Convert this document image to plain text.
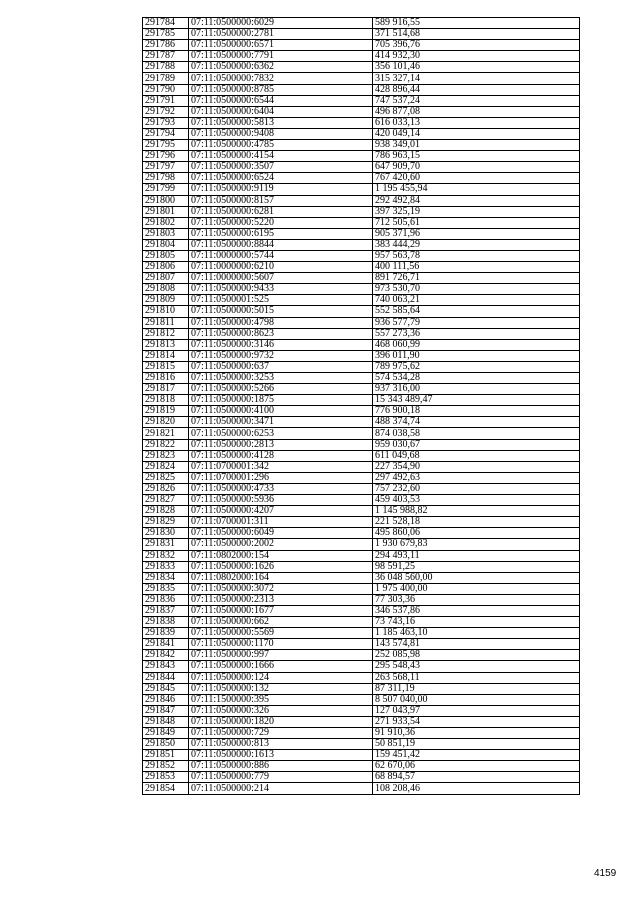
291784	07:11:0500000:6029	589 916,55
291785	07:11:0500000:2781	371 514,68
291786	07:11:0500000:6571	705 396,76
291787	07:11:0500000:7791	414 932,30
291788	07:11:0500000:6362	356 101,46
291789	07:11:0500000:7832	315 327,14
291790	07:11:0500000:8785	428 896,44
291791	07:11:0500000:6544	747 537,24
291792	07:11:0500000:6404	496 877,08
291793	07:11:0500000:5813	616 033,13
291794	07:11:0500000:9408	420 049,14
291795	07:11:0500000:4785	938 349,01
291796	07:11:0500000:4154	786 963,15
291797	07:11:0500000:3507	647 909,70
291798	07:11:0500000:6524	767 420,60
291799	07:11:0500000:9119	1 195 455,94
291800	07:11:0500000:8157	292 492,84
291801	07:11:0500000:6281	397 325,19
291802	07:11:0500000:5220	712 505,61
291803	07:11:0500000:6195	905 371,96
291804	07:11:0500000:8844	383 444,29
291805	07:11:0000000:5744	957 563,78
291806	07:11:0000000:6210	400 111,56
291807	07:11:0000000:5607	891 726,71
291808	07:11:0500000:9433	973 530,70
291809	07:11:0500001:525	740 063,21
291810	07:11:0500000:5015	552 585,64
291811	07:11:0500000:4798	936 577,79
291812	07:11:0500000:8623	557 273,36
291813	07:11:0500000:3146	468 060,99
291814	07:11:0500000:9732	396 011,90
291815	07:11:0500000:637	789 975,62
291816	07:11:0500000:3253	574 534,28
291817	07:11:0500000:5266	937 316,00
291818	07:11:0500000:1875	15 343 489,47
291819	07:11:0500000:4100	776 900,18
291820	07:11:0500000:3471	488 374,74
291821	07:11:0500000:6253	874 038,58
291822	07:11:0500000:2813	959 030,67
291823	07:11:0500000:4128	611 049,68
291824	07:11:0700001:342	227 354,90
291825	07:11:0700001:296	297 492,63
291826	07:11:0500000:4733	757 232,60
291827	07:11:0500000:5936	459 403,53
291828	07:11:0500000:4207	1 145 988,82
291829	07:11:0700001:311	221 528,18
291830	07:11:0500000:6049	495 860,06
291831	07:11:0500000:2002	1 930 679,83
291832	07:11:0802000:154	294 493,11
291833	07:11:0500000:1626	98 591,25
291834	07:11:0802000:164	36 048 560,00
291835	07:11:0500000:3072	1 975 400,00
291836	07:11:0500000:2313	77 303,36
291837	07:11:0500000:1677	346 537,86
291838	07:11:0500000:662	73 743,16
291839	07:11:0500000:5569	1 185 463,10
291841	07:11:0500000:1170	143 574,81
291842	07:11:0500000:997	252 085,98
291843	07:11:0500000:1666	295 548,43
291844	07:11:0500000:124	263 568,11
291845	07:11:0500000:132	87 311,19
291846	07:11:1500000:395	8 507 040,00
291847	07:11:0500000:326	127 043,97
291848	07:11:0500000:1820	271 933,54
291849	07:11:0500000:729	91 910,36
291850	07:11:0500000:813	50 851,19
291851	07:11:0500000:1613	159 451,42
291852	07:11:0500000:886	62 670,06
291853	07:11:0500000:779	68 894,57
291854	07:11:0500000:214	108 208,46
4159
